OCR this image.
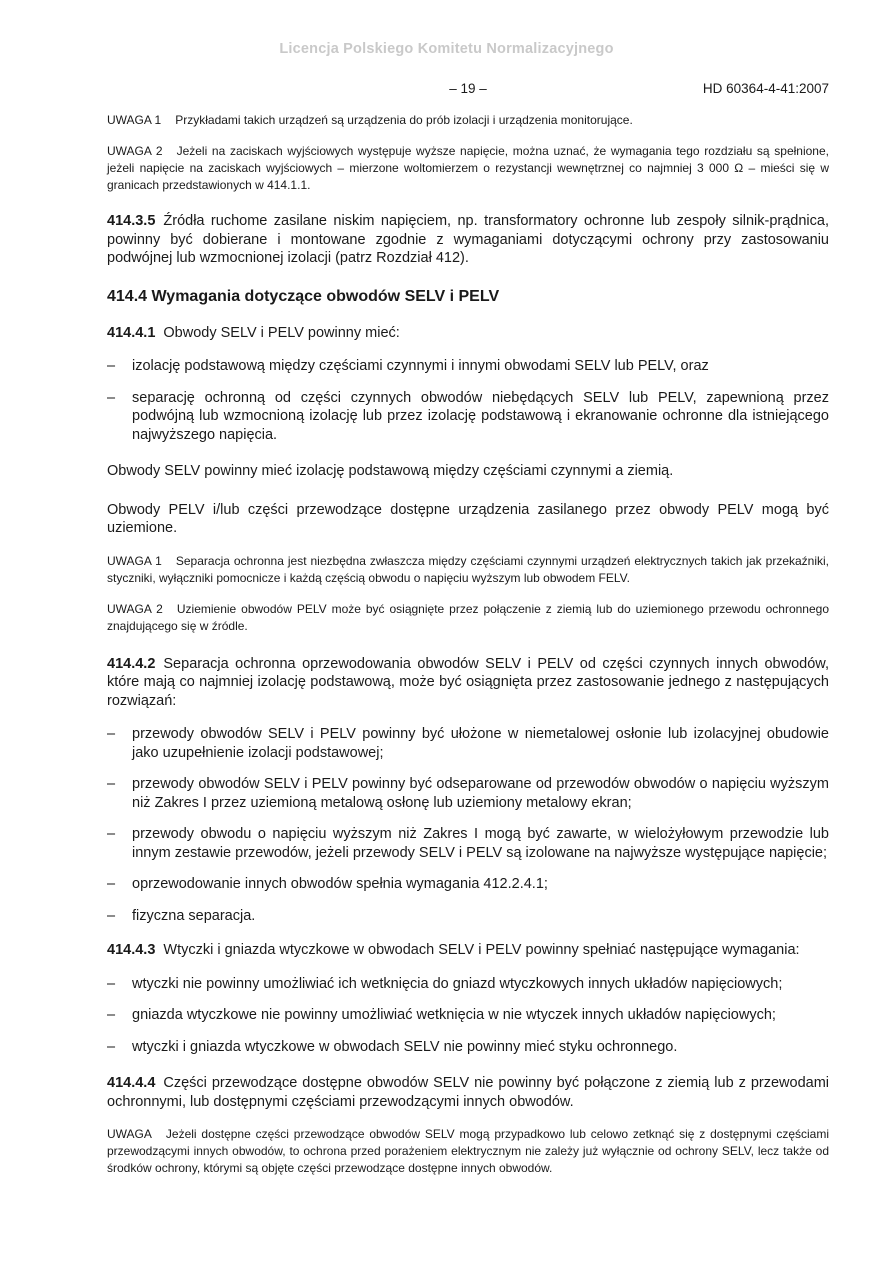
Licencja Polskiego Komitetu Normalizacyjnego
– 19 –	HD 60364-4-41:2007

UWAGA 1 Przykładami takich urządzeń są urządzenia do prób izolacji i urządzenia monitorujące.

UWAGA 2 Jeżeli na zaciskach wyjściowych występuje wyższe napięcie, można uznać, że wymagania tego rozdziału są spełnione, jeżeli napięcie na zaciskach wyjściowych – mierzone woltomierzem o rezystancji wewnętrznej co najmniej 3 000 Ω – mieści się w granicach przedstawionych w 414.1.1.

414.3.5 Źródła ruchome zasilane niskim napięciem, np. transformatory ochronne lub zespoły silnik-prądnica, powinny być dobierane i montowane zgodnie z wymaganiami dotyczącymi ochrony przy zastosowaniu podwójnej lub wzmocnionej izolacji (patrz Rozdział 412).

414.4 Wymagania dotyczące obwodów SELV i PELV

414.4.1 Obwody SELV i PELV powinny mieć:

– izolację podstawową między częściami czynnymi i innymi obwodami SELV lub PELV, oraz
– separację ochronną od części czynnych obwodów niebędących SELV lub PELV, zapewnioną przez podwójną lub wzmocnioną izolację lub przez izolację podstawową i ekranowanie ochronne dla istniejącego najwyższego napięcia.

Obwody SELV powinny mieć izolację podstawową między częściami czynnymi a ziemią.

Obwody PELV i/lub części przewodzące dostępne urządzenia zasilanego przez obwody PELV mogą być uziemione.

UWAGA 1 Separacja ochronna jest niezbędna zwłaszcza między częściami czynnymi urządzeń elektrycznych takich jak przekaźniki, styczniki, wyłączniki pomocnicze i każdą częścią obwodu o napięciu wyższym lub obwodem FELV.

UWAGA 2 Uziemienie obwodów PELV może być osiągnięte przez połączenie z ziemią lub do uziemionego przewodu ochronnego znajdującego się w źródle.

414.4.2 Separacja ochronna oprzewodowania obwodów SELV i PELV od części czynnych innych obwodów, które mają co najmniej izolację podstawową, może być osiągnięta przez zastosowanie jednego z następujących rozwiązań:

– przewody obwodów SELV i PELV powinny być ułożone w niemetalowej osłonie lub izolacyjnej obudowie jako uzupełnienie izolacji podstawowej;
– przewody obwodów SELV i PELV powinny być odseparowane od przewodów obwodów o napięciu wyższym niż Zakres I przez uziemioną metalową osłonę lub uziemiony metalowy ekran;
– przewody obwodu o napięciu wyższym niż Zakres I mogą być zawarte, w wielożyłowym przewodzie lub innym zestawie przewodów, jeżeli przewody SELV i PELV są izolowane na najwyższe występujące napięcie;
– oprzewodowanie innych obwodów spełnia wymagania 412.2.4.1;
– fizyczna separacja.

414.4.3 Wtyczki i gniazda wtyczkowe w obwodach SELV i PELV powinny spełniać następujące wymagania:

– wtyczki nie powinny umożliwiać ich wetknięcia do gniazd wtyczkowych innych układów napięciowych;
– gniazda wtyczkowe nie powinny umożliwiać wetknięcia w nie wtyczek innych układów napięciowych;
– wtyczki i gniazda wtyczkowe w obwodach SELV nie powinny mieć styku ochronnego.

414.4.4 Części przewodzące dostępne obwodów SELV nie powinny być połączone z ziemią lub z przewodami ochronnymi, lub dostępnymi częściami przewodzącymi innych obwodów.

UWAGA Jeżeli dostępne części przewodzące obwodów SELV mogą przypadkowo lub celowo zetknąć się z dostępnymi częściami przewodzącymi innych obwodów, to ochrona przed porażeniem elektrycznym nie zależy już wyłącznie od ochrony SELV, lecz także od środków ochrony, którymi są objęte części przewodzące dostępne innych obwodów.
